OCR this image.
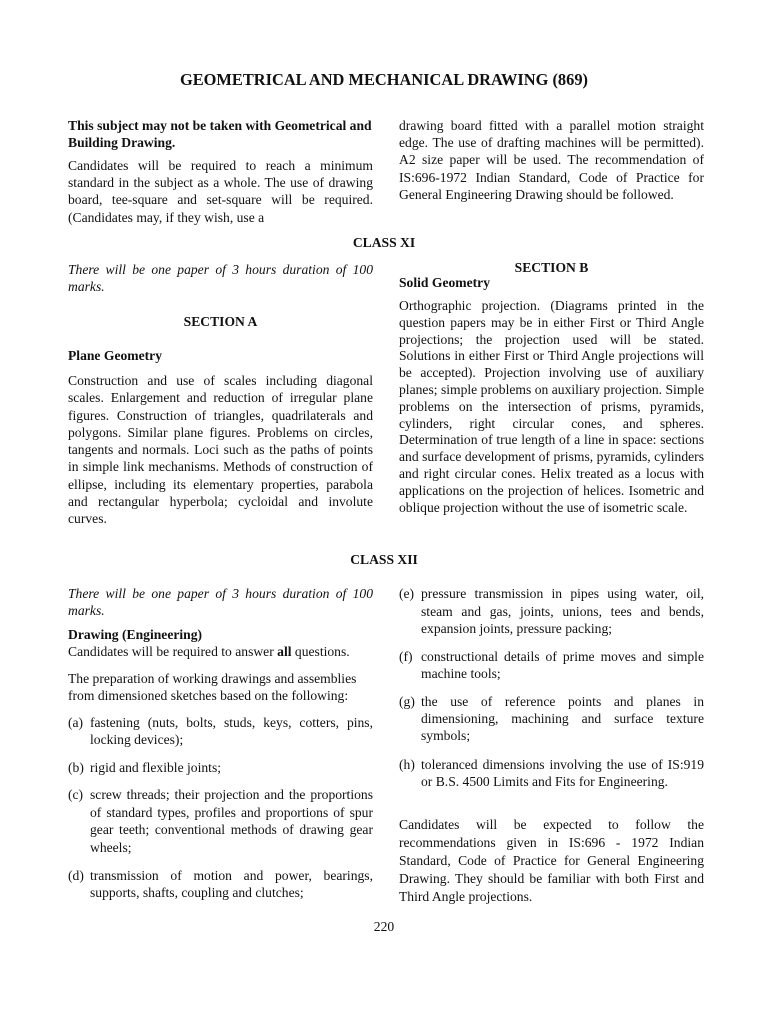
GEOMETRICAL AND MECHANICAL DRAWING (869)
This subject may not be taken with Geometrical and Building Drawing.
Candidates will be required to reach a minimum standard in the subject as a whole. The use of drawing board, tee-square and set-square will be required. (Candidates may, if they wish, use a
drawing board fitted with a parallel motion straight edge. The use of drafting machines will be permitted). A2 size paper will be used. The recommendation of IS:696-1972 Indian Standard, Code of Practice for General Engineering Drawing should be followed.
CLASS XI
There will be one paper of 3 hours duration of 100 marks.
SECTION A
Plane Geometry
Construction and use of scales including diagonal scales. Enlargement and reduction of irregular plane figures. Construction of triangles, quadrilaterals and polygons. Similar plane figures. Problems on circles, tangents and normals. Loci such as the paths of points in simple link mechanisms. Methods of construction of ellipse, including its elementary properties, parabola and rectangular hyperbola; cycloidal and involute curves.
SECTION B
Solid Geometry
Orthographic projection. (Diagrams printed in the question papers may be in either First or Third Angle projections; the projection used will be stated. Solutions in either First or Third Angle projections will be accepted). Projection involving use of auxiliary planes; simple problems on auxiliary projection. Simple problems on the intersection of prisms, pyramids, cylinders, right circular cones, and spheres. Determination of true length of a line in space: sections and surface development of prisms, pyramids, cylinders and right circular cones. Helix treated as a locus with applications on the projection of helices. Isometric and oblique projection without the use of isometric scale.
CLASS XII
There will be one paper of 3 hours duration of 100 marks.
Drawing (Engineering)
Candidates will be required to answer all questions.
The preparation of working drawings and assemblies from dimensioned sketches based on the following:
(a) fastening (nuts, bolts, studs, keys, cotters, pins, locking devices);
(b) rigid and flexible joints;
(c) screw threads; their projection and the proportions of standard types, profiles and proportions of spur gear teeth; conventional methods of drawing gear wheels;
(d) transmission of motion and power, bearings, supports, shafts, coupling and clutches;
(e) pressure transmission in pipes using water, oil, steam and gas, joints, unions, tees and bends, expansion joints, pressure packing;
(f) constructional details of prime moves and simple machine tools;
(g) the use of reference points and planes in dimensioning, machining and surface texture symbols;
(h) toleranced dimensions involving the use of IS:919 or B.S. 4500 Limits and Fits for Engineering.
Candidates will be expected to follow the recommendations given in IS:696 - 1972 Indian Standard, Code of Practice for General Engineering Drawing. They should be familiar with both First and Third Angle projections.
220
